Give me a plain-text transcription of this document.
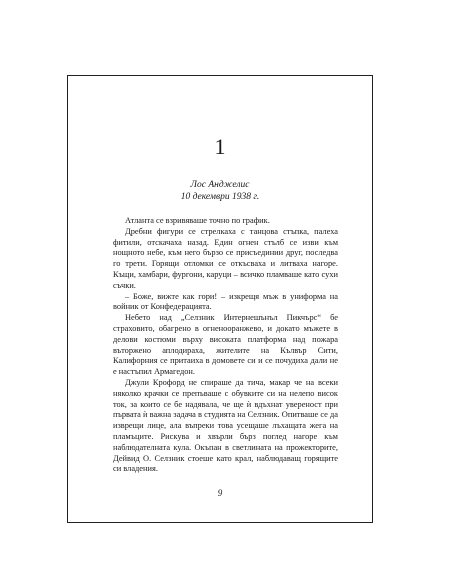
1
Лос Анджелис
10 декември 1938 г.

Атланта се взривяваше точно по график.

Дребни фигури се стрелкаха с танцова стъпка, палеха фитили, отскачаха назад. Един огнен стълб се изви към нощното небе, към него бързо се присъединии друг, последва го трети. Горящи отломки се откъсваха и литваха нагоре. Къщи, хамбари, фургони, каруци – всичко пламваше като сухи съчки.

– Боже, вижте как гори! – изкрещя мъж в униформа на войник от Конфедерацията.

Небето над „Селзник Интернешънъл Пикчърс“ бе страховито, обагрено в огненооранжево, и докато мъжете в делови костюми върху високата платформа над пожара въторжено аплодираха, жителите на Кълвър Сити, Калифорния се притаиха в домовете си и се почудиха дали не е настъпил Армагедон.

Джули Крофорд не спираше да тича, макар че на всеки няколко крачки се препъваше с обувките си на нелепо висок ток, за които се бе надявала, че ще ѝ вдъхнат увереност при първата ѝ важна задача в студията на Селзник. Опитваше се да изврещи лице, ала въпреки това усещаше лъхащата жега на пламъците. Рискува и хвърли бърз поглед нагоре към наблюдателната кула. Окъпан в светлината на прожекторите, Дейвид О. Селзник стоеше като крал, наблюдаващ горящите си владения.

9
